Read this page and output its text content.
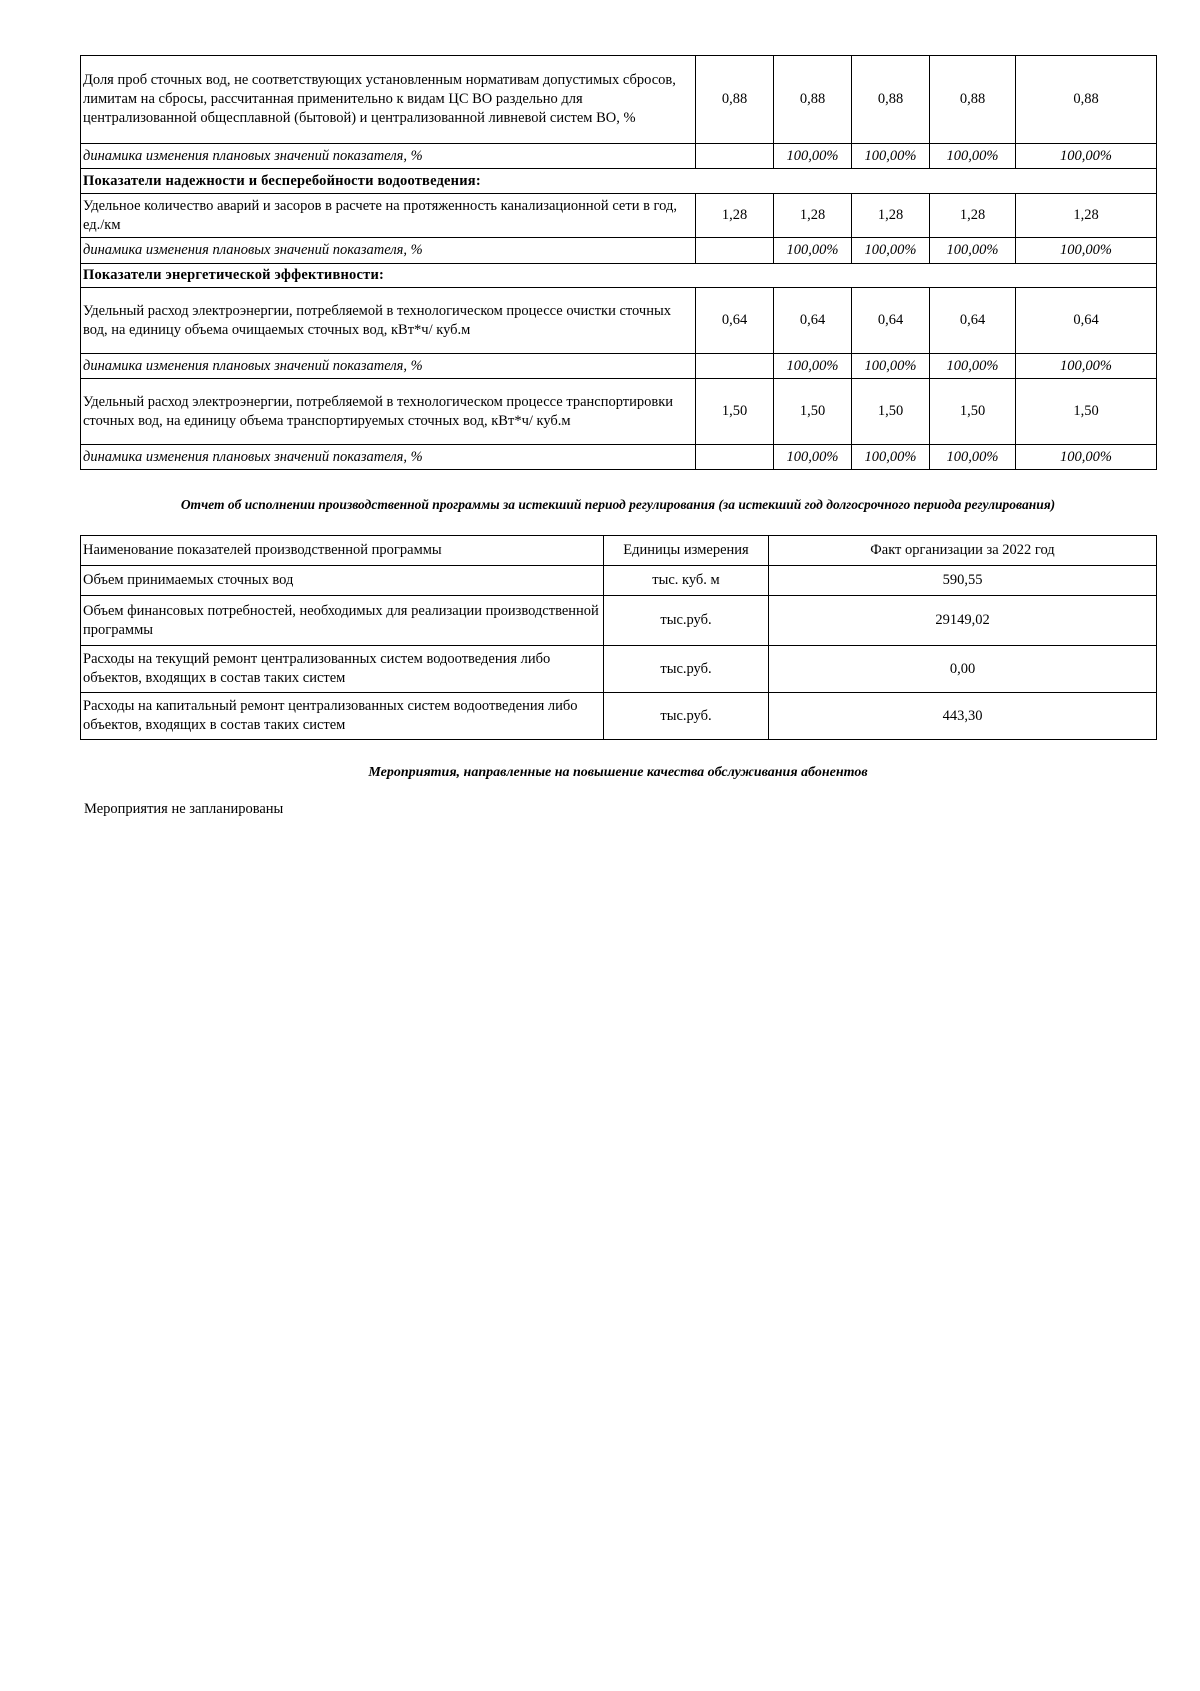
Доля проб сточных вод, не соответствующих установленным нормативам допустимых сбросов, лимитам на сбросы, рассчитанная применительно к видам ЦС ВО раздельно для централизованной общесплавной (бытовой) и централизованной ливневой систем ВО, %	0,88	0,88	0,88	0,88	0,88
динамика изменения плановых значений показателя, %		100,00%	100,00%	100,00%	100,00%
Показатели надежности и бесперебойности водоотведения:					
Удельное количество аварий и засоров в расчете на протяженность канализационной сети в год, ед./км	1,28	1,28	1,28	1,28	1,28
динамика изменения плановых значений показателя, %		100,00%	100,00%	100,00%	100,00%
Показатели энергетической эффективности:					
Удельный расход электроэнергии, потребляемой в технологическом процессе очистки сточных вод, на единицу объема очищаемых сточных вод, кВт*ч/ куб.м	0,64	0,64	0,64	0,64	0,64
динамика изменения плановых значений показателя, %		100,00%	100,00%	100,00%	100,00%
Удельный расход электроэнергии, потребляемой в технологическом процессе транспортировки сточных вод, на единицу объема транспортируемых сточных вод, кВт*ч/ куб.м	1,50	1,50	1,50	1,50	1,50
динамика изменения плановых значений показателя, %		100,00%	100,00%	100,00%	100,00%
Отчет об исполнении производственной программы за истекший период регулирования (за истекший год долгосрочного периода регулирования)
Наименование показателей производственной программы	Единицы измерения	Факт организации за 2022 год
Объем принимаемых сточных вод	тыс. куб. м	590,55
Объем финансовых потребностей, необходимых для реализации производственной программы	тыс.руб.	29149,02
Расходы на текущий ремонт централизованных систем водоотведения либо объектов, входящих в состав таких систем	тыс.руб.	0,00
Расходы на капитальный ремонт централизованных систем водоотведения либо объектов, входящих в состав таких систем	тыс.руб.	443,30
Мероприятия, направленные на повышение качества обслуживания абонентов
Мероприятия не запланированы
